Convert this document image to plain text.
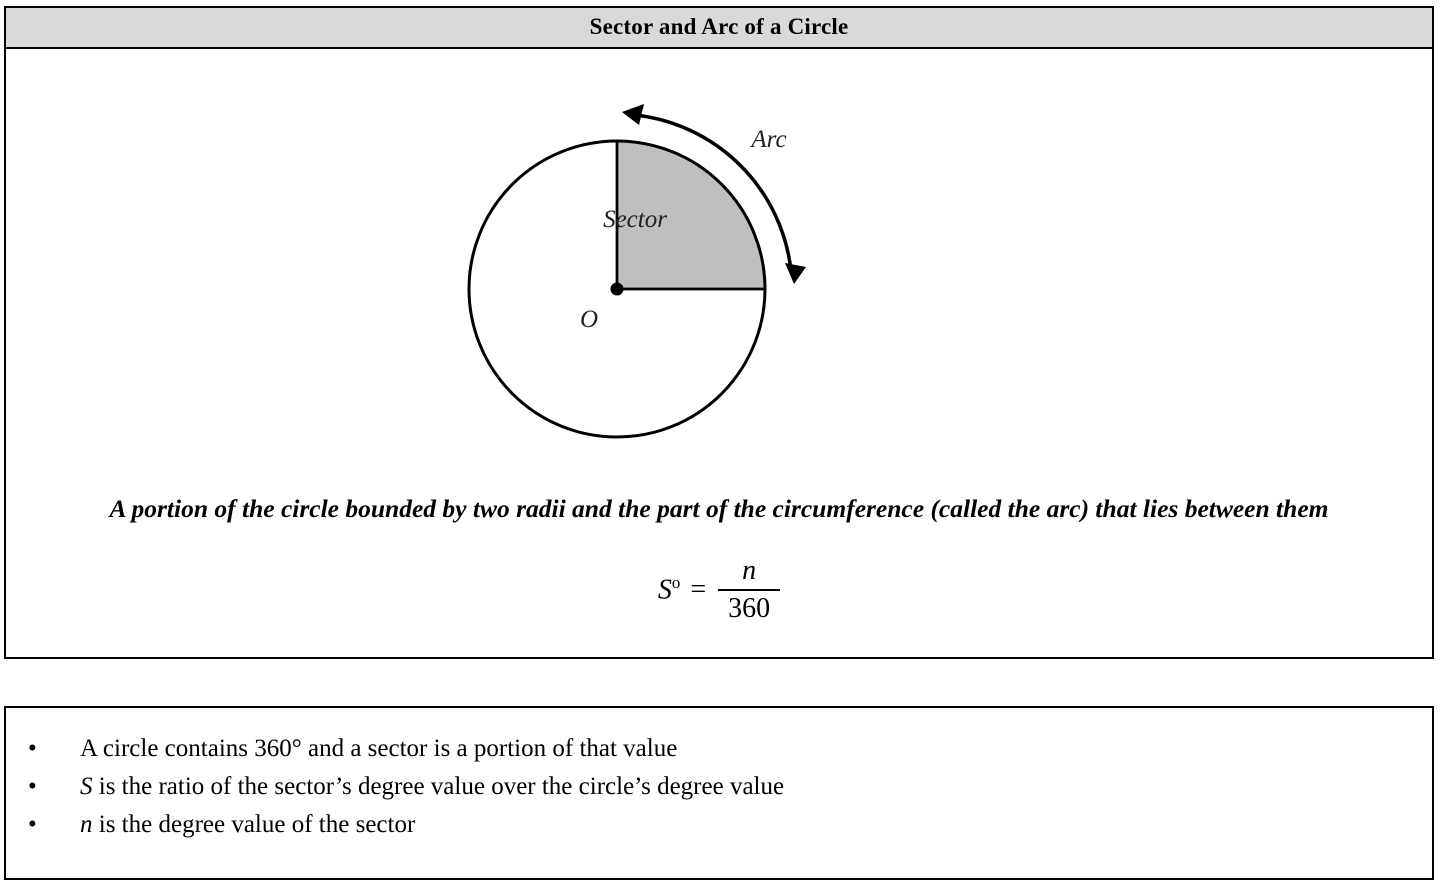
Sector and Arc of a Circle
Sector
Arc
O
A portion of the circle bounded by two radii and the part of the circumference (called the arc) that lies between them
$S^o = \frac{n}{360}$
• A circle contains 360° and a sector is a portion of that value
• S is the ratio of the sector’s degree value over the circle’s degree value
• n is the degree value of the sector
